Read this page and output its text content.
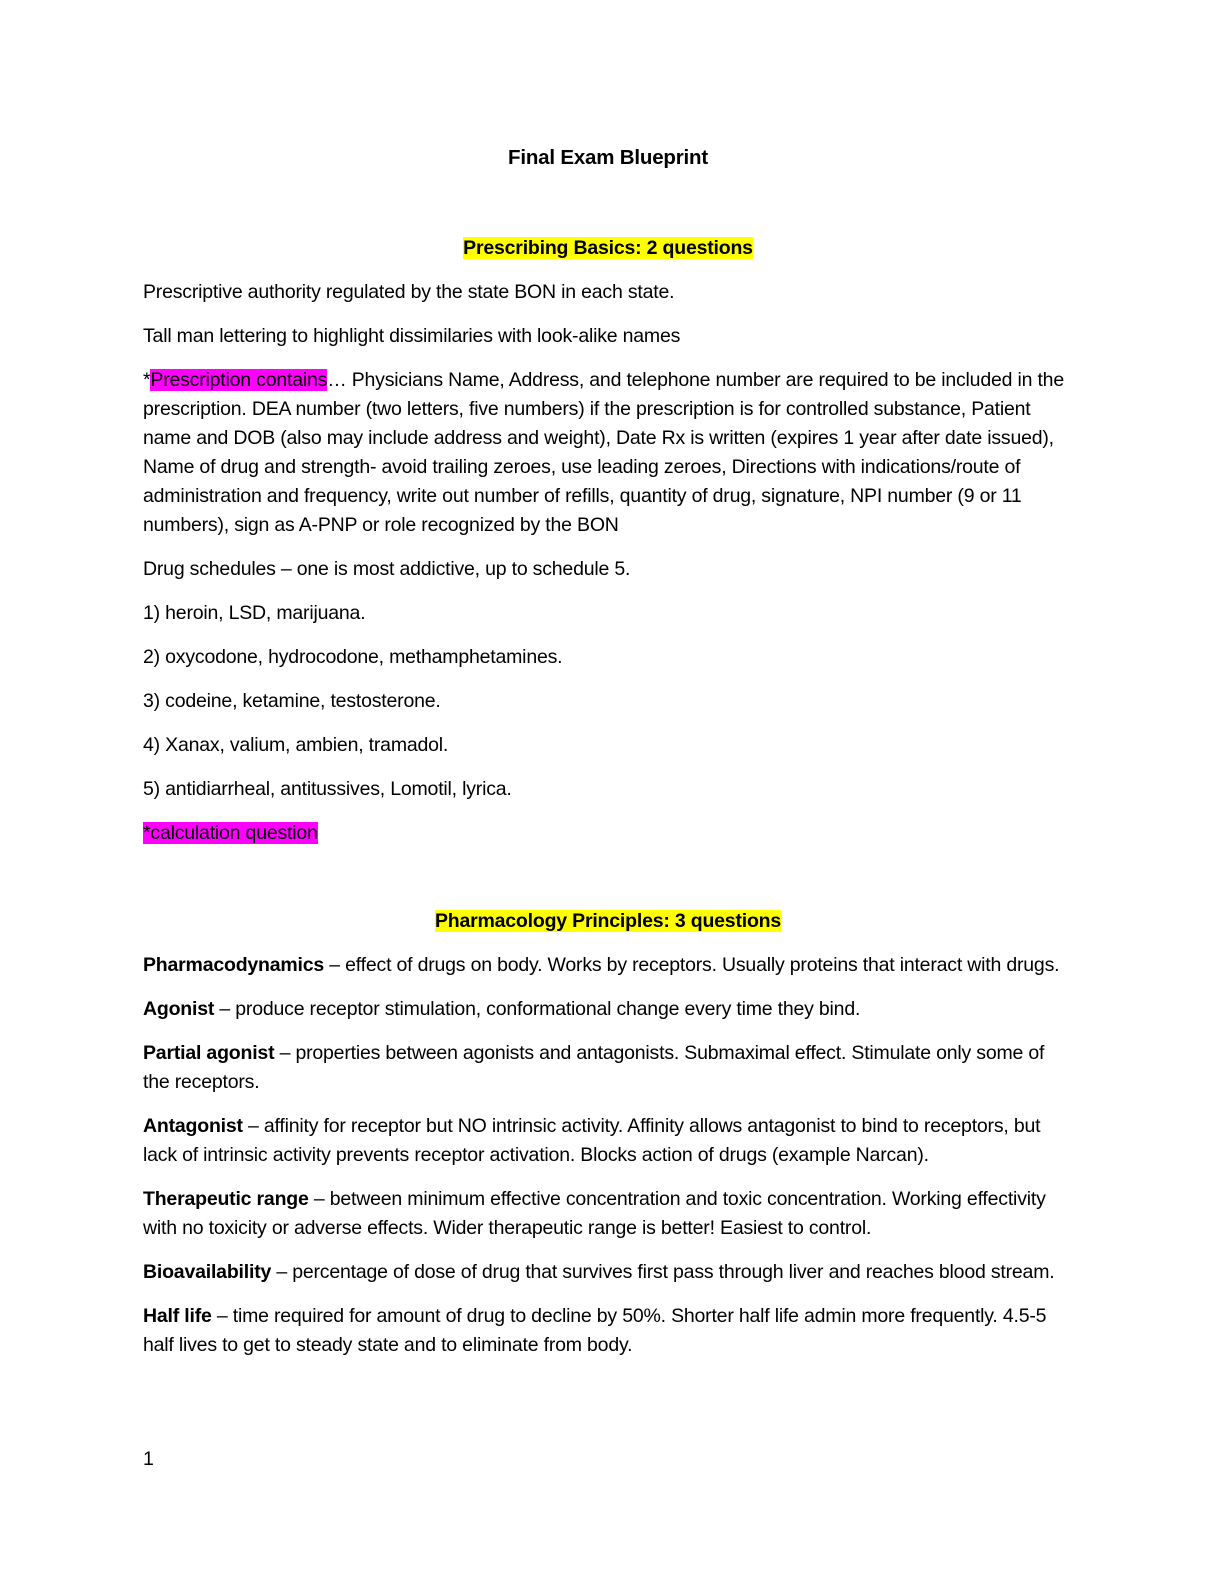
Final Exam Blueprint
Prescribing Basics: 2 questions

Prescriptive authority regulated by the state BON in each state.

Tall man lettering to highlight dissimilaries with look-alike names

*Prescription contains… Physicians Name, Address, and telephone number are required to be included in the prescription. DEA number (two letters, five numbers) if the prescription is for controlled substance, Patient name and DOB (also may include address and weight), Date Rx is written (expires 1 year after date issued), Name of drug and strength- avoid trailing zeroes, use leading zeroes, Directions with indications/route of administration and frequency, write out number of refills, quantity of drug, signature, NPI number (9 or 11 numbers), sign as A-PNP or role recognized by the BON

Drug schedules – one is most addictive, up to schedule 5.

1) heroin, LSD, marijuana.

2) oxycodone, hydrocodone, methamphetamines.

3) codeine, ketamine, testosterone.

4) Xanax, valium, ambien, tramadol.

5) antidiarrheal, antitussives, Lomotil, lyrica.

*calculation question

Pharmacology Principles: 3 questions

Pharmacodynamics – effect of drugs on body. Works by receptors. Usually proteins that interact with drugs.

Agonist – produce receptor stimulation, conformational change every time they bind.

Partial agonist – properties between agonists and antagonists. Submaximal effect. Stimulate only some of the receptors.

Antagonist – affinity for receptor but NO intrinsic activity. Affinity allows antagonist to bind to receptors, but lack of intrinsic activity prevents receptor activation. Blocks action of drugs (example Narcan).

Therapeutic range – between minimum effective concentration and toxic concentration. Working effectivity with no toxicity or adverse effects. Wider therapeutic range is better! Easiest to control.

Bioavailability – percentage of dose of drug that survives first pass through liver and reaches blood stream.

Half life – time required for amount of drug to decline by 50%. Shorter half life admin more frequently. 4.5-5 half lives to get to steady state and to eliminate from body.

1
